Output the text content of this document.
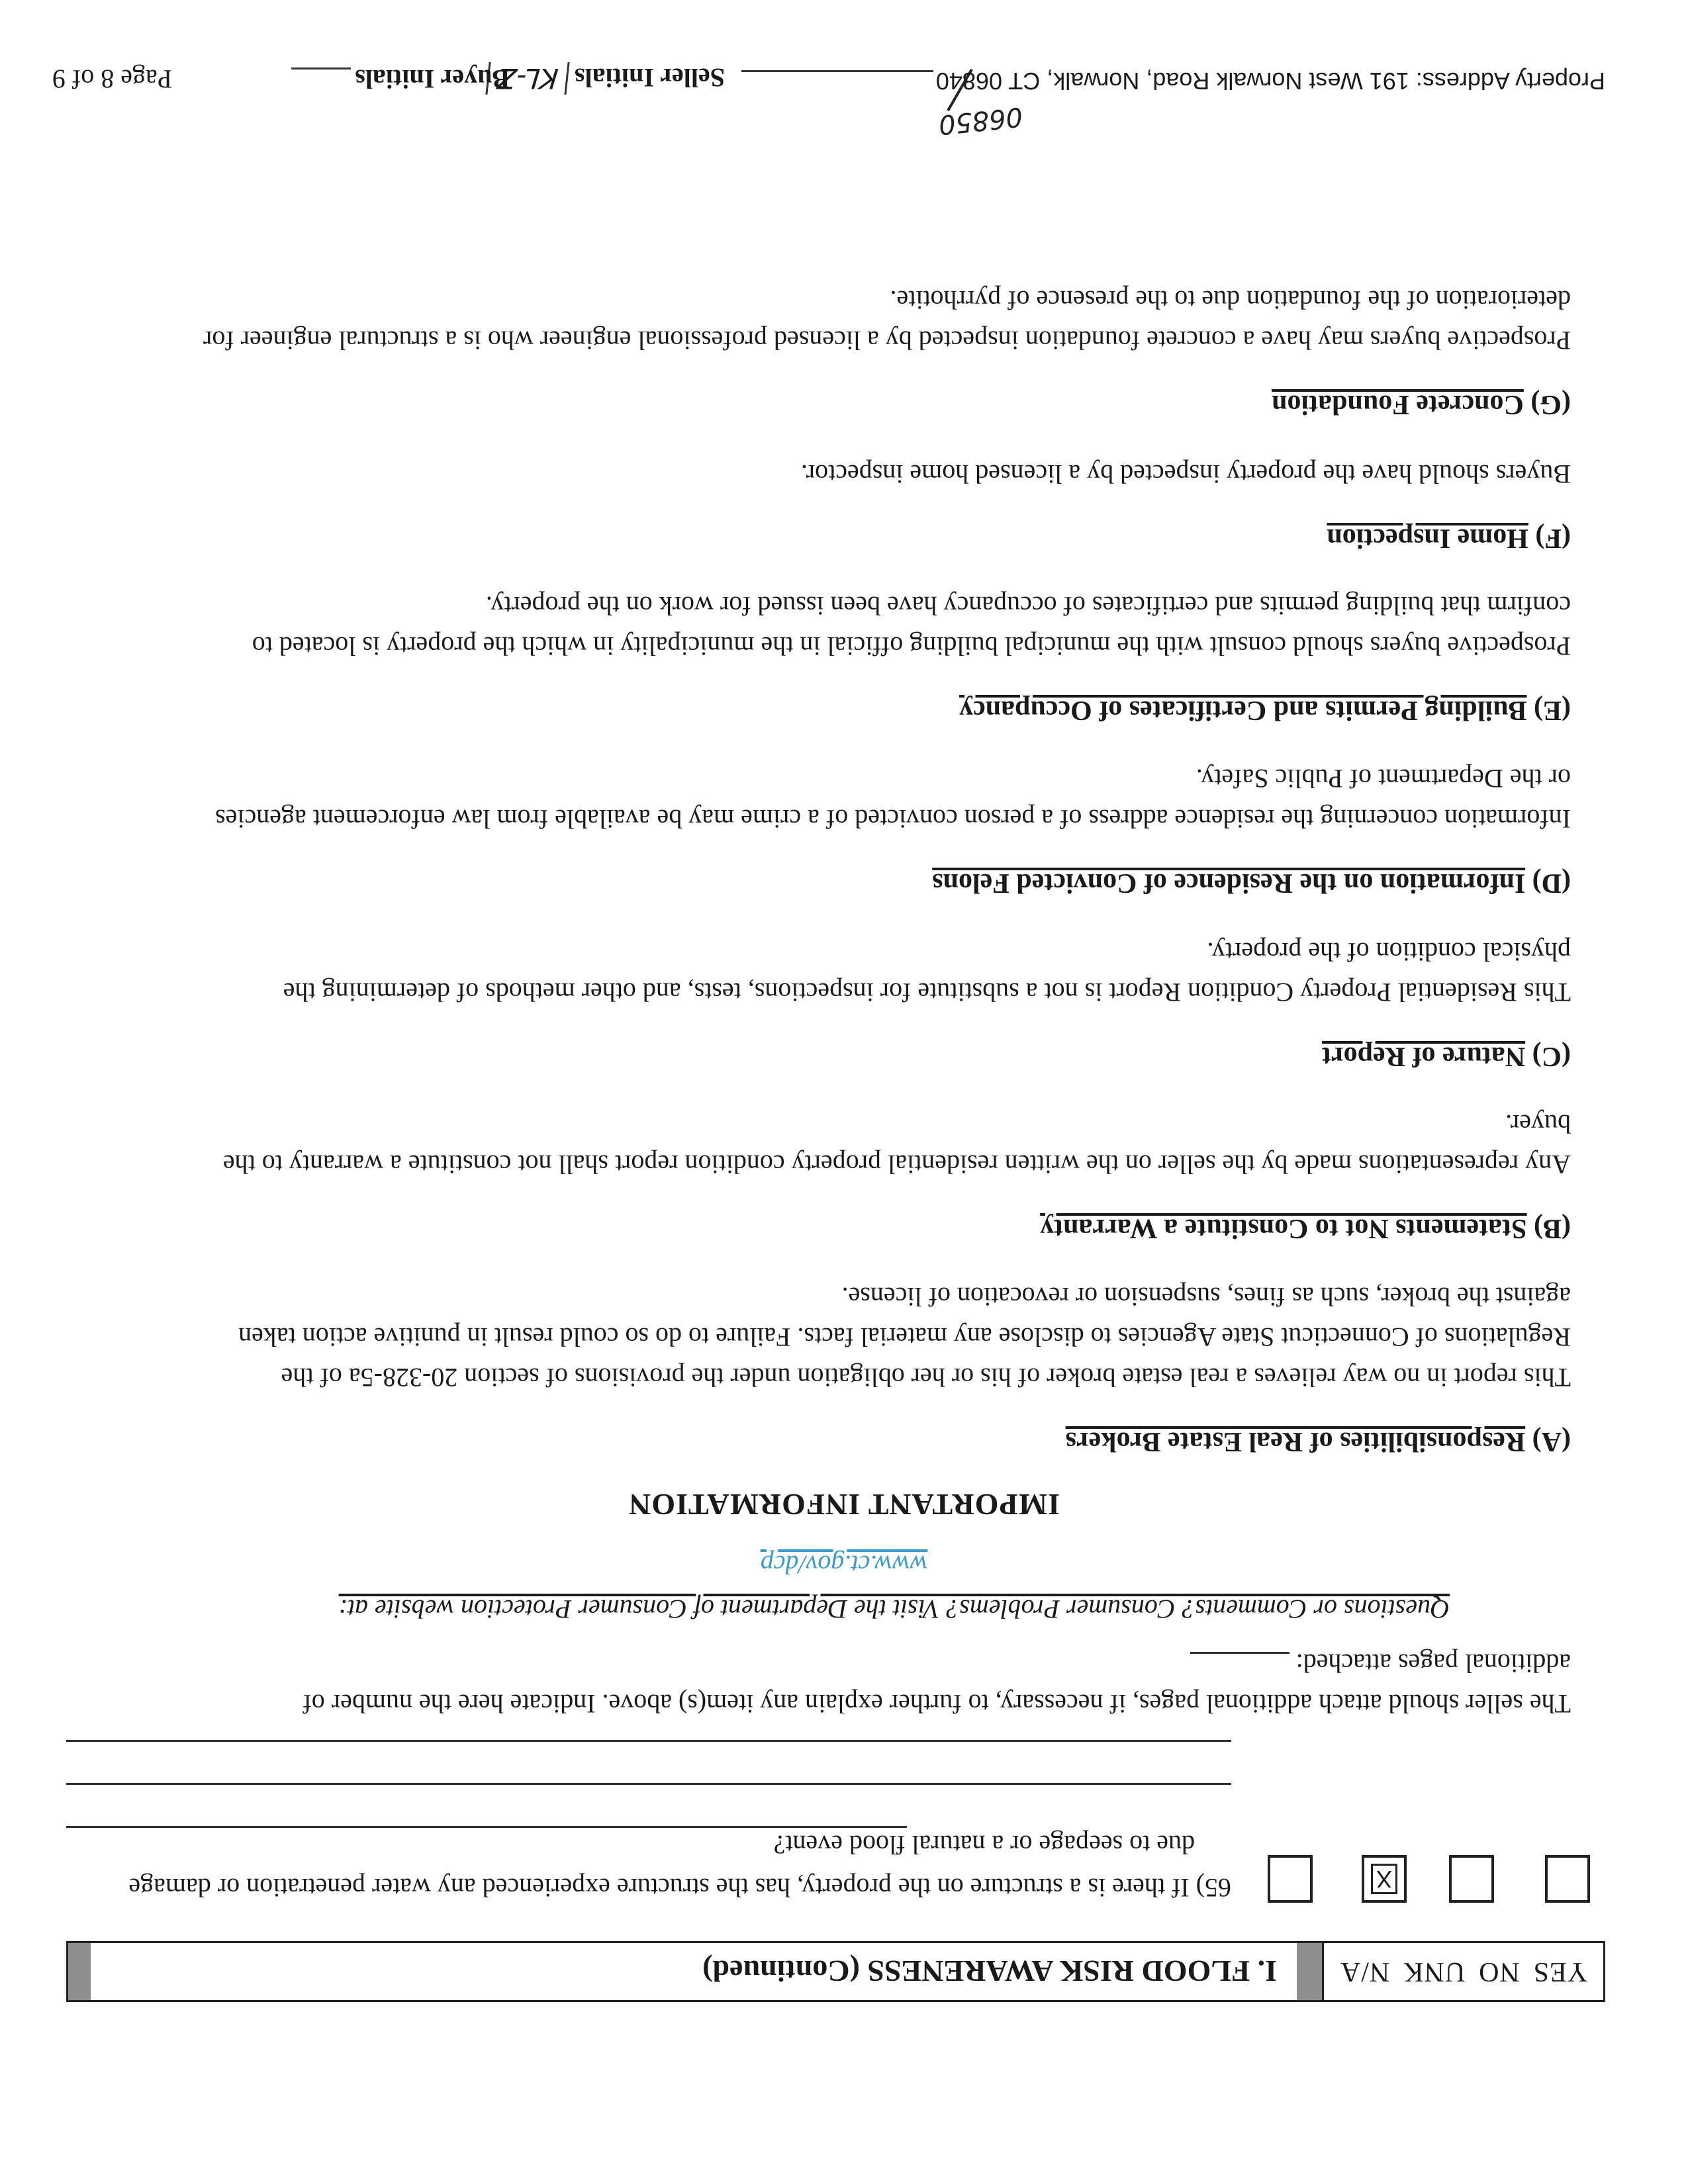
YES
NO
UNK
N/A
I. FLOOD RISK AWARENESS (Continued)
X
65) If there is a structure on the property, has the structure experienced any water penetration or damage
due to seepage or a natural flood event?
The seller should attach additional pages, if necessary, to further explain any item(s) above. Indicate here the number of
additional pages attached:
Questions or Comments? Consumer Problems? Visit the Department of Consumer Protection website at:
www.ct.gov/dcp
IMPORTANT INFORMATION
(A) Responsibilities of Real Estate Brokers
This report in no way relieves a real estate broker of his or her obligation under the provisions of section 20-328-5a of the
Regulations of Connecticut State Agencies to disclose any material facts. Failure to do so could result in punitive action taken
against the broker, such as fines, suspension or revocation of license.
(B) Statements Not to Constitute a Warranty
Any representations made by the seller on the written residential property condition report shall not constitute a warranty to the
buyer.
(C) Nature of Report
This Residential Property Condition Report is not a substitute for inspections, tests, and other methods of determining the
physical condition of the property.
(D) Information on the Residence of Convicted Felons
Information concerning the residence address of a person convicted of a crime may be available from law enforcement agencies
or the Department of Public Safety.
(E) Building Permits and Certificates of Occupancy
Prospective buyers should consult with the municipal building official in the municipality in which the property is located to
confirm that building permits and certificates of occupancy have been issued for work on the property.
(F) Home Inspection
Buyers should have the property inspected by a licensed home inspector.
(G) Concrete Foundation
Prospective buyers may have a concrete foundation inspected by a licensed professional engineer who is a structural engineer for
deterioration of the foundation due to the presence of pyrrhotite.
06850
Property Address: 191 West Norwalk Road, Norwalk, CT 06840
Seller InitialsKL-Z
Buyer Initials
Page 8 of 9
